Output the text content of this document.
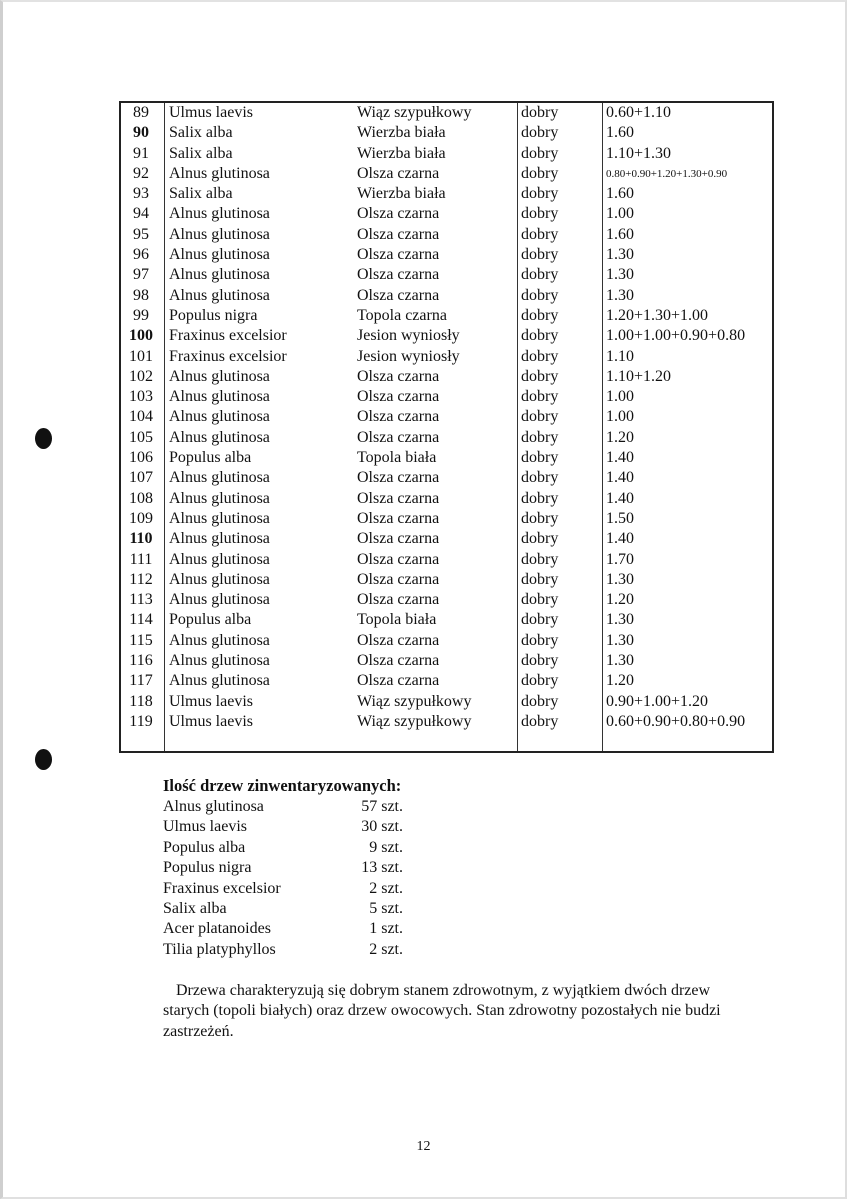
89	Ulmus laevis	Wiąz szypułkowy	dobry	0.60+1.10
90	Salix alba	Wierzba biała	dobry	1.60
91	Salix alba	Wierzba biała	dobry	1.10+1.30
92	Alnus glutinosa	Olsza czarna	dobry	0.80+0.90+1.20+1.30+0.90
93	Salix alba	Wierzba biała	dobry	1.60
94	Alnus glutinosa	Olsza czarna	dobry	1.00
95	Alnus glutinosa	Olsza czarna	dobry	1.60
96	Alnus glutinosa	Olsza czarna	dobry	1.30
97	Alnus glutinosa	Olsza czarna	dobry	1.30
98	Alnus glutinosa	Olsza czarna	dobry	1.30
99	Populus nigra	Topola czarna	dobry	1.20+1.30+1.00
100	Fraxinus excelsior	Jesion wyniosły	dobry	1.00+1.00+0.90+0.80
101	Fraxinus excelsior	Jesion wyniosły	dobry	1.10
102	Alnus glutinosa	Olsza czarna	dobry	1.10+1.20
103	Alnus glutinosa	Olsza czarna	dobry	1.00
104	Alnus glutinosa	Olsza czarna	dobry	1.00
105	Alnus glutinosa	Olsza czarna	dobry	1.20
106	Populus alba	Topola biała	dobry	1.40
107	Alnus glutinosa	Olsza czarna	dobry	1.40
108	Alnus glutinosa	Olsza czarna	dobry	1.40
109	Alnus glutinosa	Olsza czarna	dobry	1.50
110	Alnus glutinosa	Olsza czarna	dobry	1.40
111	Alnus glutinosa	Olsza czarna	dobry	1.70
112	Alnus glutinosa	Olsza czarna	dobry	1.30
113	Alnus glutinosa	Olsza czarna	dobry	1.20
114	Populus alba	Topola biała	dobry	1.30
115	Alnus glutinosa	Olsza czarna	dobry	1.30
116	Alnus glutinosa	Olsza czarna	dobry	1.30
117	Alnus glutinosa	Olsza czarna	dobry	1.20
118	Ulmus laevis	Wiąz szypułkowy	dobry	0.90+1.00+1.20
119	Ulmus laevis	Wiąz szypułkowy	dobry	0.60+0.90+0.80+0.90
Ilość drzew zinwentaryzowanych:
Alnus glutinosa	57 szt.
Ulmus laevis	30 szt.
Populus alba	9 szt.
Populus nigra	13 szt.
Fraxinus excelsior	2 szt.
Salix alba	5 szt.
Acer platanoides	1 szt.
Tilia platyphyllos	2 szt.

Drzewa charakteryzują się dobrym stanem zdrowotnym, z wyjątkiem dwóch drzew starych (topoli białych) oraz drzew owocowych. Stan zdrowotny pozostałych nie budzi zastrzeżeń.

12
